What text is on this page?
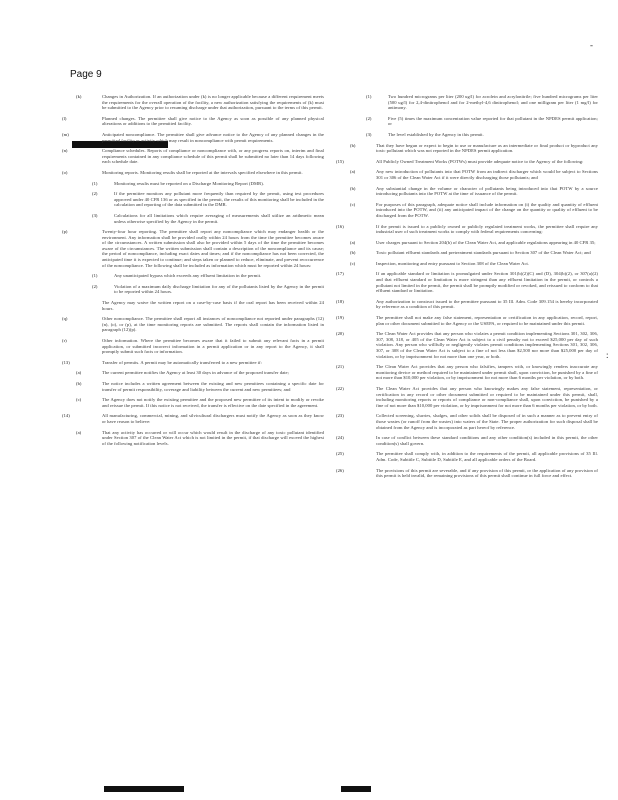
Page 9
-
:
(k)	Changes in Authorization. If an authorization under (k) is no longer applicable because a different requirement meets the requirements for the overall operation of the facility, a new authorization satisfying the requirements of (k) must be submitted to the Agency prior to resuming discharge under that authorization, pursuant to the terms of this permit.
(l)	Planned changes. The permittee shall give notice to the Agency as soon as possible of any planned physical alterations or additions to the permitted facility.
(m)	Anticipated noncompliance. The permittee shall give advance notice to the Agency of any planned changes in the permitted facility or activity which may result in noncompliance with permit requirements.
(n)	Compliance schedules. Reports of compliance or noncompliance with, or any progress reports on, interim and final requirements contained in any compliance schedule of this permit shall be submitted no later than 14 days following each schedule date.
(o)	Monitoring reports. Monitoring results shall be reported at the intervals specified elsewhere in this permit.
(1)	Monitoring results must be reported on a Discharge Monitoring Report (DMR).
(2)	If the permittee monitors any pollutant more frequently than required by the permit, using test procedures approved under 40 CFR 136 or as specified in the permit, the results of this monitoring shall be included in the calculation and reporting of the data submitted in the DMR.
(3)	Calculations for all limitations which require averaging of measurements shall utilize an arithmetic mean unless otherwise specified by the Agency in the permit.
(p)	Twenty-four hour reporting. The permittee shall report any noncompliance which may endanger health or the environment. Any information shall be provided orally within 24 hours from the time the permittee becomes aware of the circumstances. A written submission shall also be provided within 5 days of the time the permittee becomes aware of the circumstances. The written submission shall contain a description of the noncompliance and its cause; the period of noncompliance, including exact dates and times; and if the noncompliance has not been corrected, the anticipated time it is expected to continue; and steps taken or planned to reduce, eliminate, and prevent reoccurrence of the noncompliance. The following shall be included as information which must be reported within 24 hours:
(1)	Any unanticipated bypass which exceeds any effluent limitation in the permit.
(2)	Violation of a maximum daily discharge limitation for any of the pollutants listed by the Agency in the permit to be reported within 24 hours.
The Agency may waive the written report on a case-by-case basis if the oral report has been received within 24 hours.
(q)	Other noncompliance. The permittee shall report all instances of noncompliance not reported under paragraphs (12)(n), (o), or (p), at the time monitoring reports are submitted. The reports shall contain the information listed in paragraph (12)(p).
(r)	Other information. Where the permittee becomes aware that it failed to submit any relevant facts in a permit application, or submitted incorrect information in a permit application or in any report to the Agency, it shall promptly submit such facts or information.
(13)	Transfer of permits. A permit may be automatically transferred to a new permittee if:
(a)	The current permittee notifies the Agency at least 30 days in advance of the proposed transfer date;
(b)	The notice includes a written agreement between the existing and new permittees containing a specific date for transfer of permit responsibility, coverage and liability between the current and new permittees; and
(c)	The Agency does not notify the existing permittee and the proposed new permittee of its intent to modify or revoke and reissue the permit. If this notice is not received, the transfer is effective on the date specified in the agreement.
(14)	All manufacturing, commercial, mining, and silvicultural dischargers must notify the Agency as soon as they know or have reason to believe:
(a)	That any activity has occurred or will occur which would result in the discharge of any toxic pollutant identified under Section 307 of the Clean Water Act which is not limited in the permit, if that discharge will exceed the highest of the following notification levels.
(1)	Two hundred micrograms per liter (200 ug/l) for acrolein and acrylonitrile; five hundred micrograms per liter (500 ug/l) for 2,4-dinitrophenol and for 2-methyl-4,6 dinitrophenol; and one milligram per liter (1 mg/l) for antimony.
(2)	Five (5) times the maximum concentration value reported for that pollutant in the NPDES permit application; or
(3)	The level established by the Agency in this permit.
(b)	That they have begun or expect to begin to use or manufacture as an intermediate or final product or byproduct any toxic pollutant which was not reported in the NPDES permit application.
(15)	All Publicly Owned Treatment Works (POTWs) must provide adequate notice to the Agency of the following:
(a)	Any new introduction of pollutants into that POTW from an indirect discharger which would be subject to Sections 301 or 306 of the Clean Water Act if it were directly discharging those pollutants; and
(b)	Any substantial change in the volume or character of pollutants being introduced into that POTW by a source introducing pollutants into the POTW at the time of issuance of the permit.
(c)	For purposes of this paragraph, adequate notice shall include information on (i) the quality and quantity of effluent introduced into the POTW, and (ii) any anticipated impact of the change on the quantity or quality of effluent to be discharged from the POTW.
(16)	If the permit is issued to a publicly owned or publicly regulated treatment works, the permittee shall require any industrial user of such treatment works to comply with federal requirements concerning:
(a)	User charges pursuant to Section 204(b) of the Clean Water Act, and applicable regulations appearing in 40 CFR 35;
(b)	Toxic pollutant effluent standards and pretreatment standards pursuant to Section 307 of the Clean Water Act; and
(c)	Inspection, monitoring and entry pursuant to Section 308 of the Clean Water Act.
(17)	If an applicable standard or limitation is promulgated under Section 301(b)(2)(C) and (D), 304(b)(2), or 307(a)(2) and that effluent standard or limitation is more stringent than any effluent limitation in the permit, or controls a pollutant not limited in the permit, the permit shall be promptly modified or revoked, and reissued to conform to that effluent standard or limitation.
(18)	Any authorization to construct issued to the permittee pursuant to 35 Ill. Adm. Code 309.154 is hereby incorporated by reference as a condition of this permit.
(19)	The permittee shall not make any false statement, representation or certification in any application, record, report, plan or other document submitted to the Agency or the USEPA, or required to be maintained under this permit.
(20)	The Clean Water Act provides that any person who violates a permit condition implementing Sections 301, 302, 306, 307, 308, 318, or 405 of the Clean Water Act is subject to a civil penalty not to exceed $25,000 per day of such violation. Any person who willfully or negligently violates permit conditions implementing Sections 301, 302, 306, 307, or 308 of the Clean Water Act is subject to a fine of not less than $2,500 nor more than $25,000 per day of violation, or by imprisonment for not more than one year, or both.
(21)	The Clean Water Act provides that any person who falsifies, tampers with, or knowingly renders inaccurate any monitoring device or method required to be maintained under permit shall, upon conviction, be punished by a fine of not more than $10,000 per violation, or by imprisonment for not more than 6 months per violation, or by both.
(22)	The Clean Water Act provides that any person who knowingly makes any false statement, representation, or certification in any record or other document submitted or required to be maintained under this permit, shall, including monitoring reports or reports of compliance or non-compliance shall, upon conviction, be punished by a fine of not more than $10,000 per violation, or by imprisonment for not more than 6 months per violation, or by both.
(23)	Collected screening, slurries, sludges, and other solids shall be disposed of in such a manner as to prevent entry of those wastes (or runoff from the wastes) into waters of the State. The proper authorization for such disposal shall be obtained from the Agency and is incorporated as part hereof by reference.
(24)	In case of conflict between these standard conditions and any other condition(s) included in this permit, the other condition(s) shall govern.
(25)	The permittee shall comply with, in addition to the requirements of the permit, all applicable provisions of 35 Ill. Adm. Code, Subtitle C, Subtitle D, Subtitle E, and all applicable orders of the Board.
(26)	The provisions of this permit are severable, and if any provision of this permit, or the application of any provision of this permit is held invalid, the remaining provisions of this permit shall continue in full force and effect.
